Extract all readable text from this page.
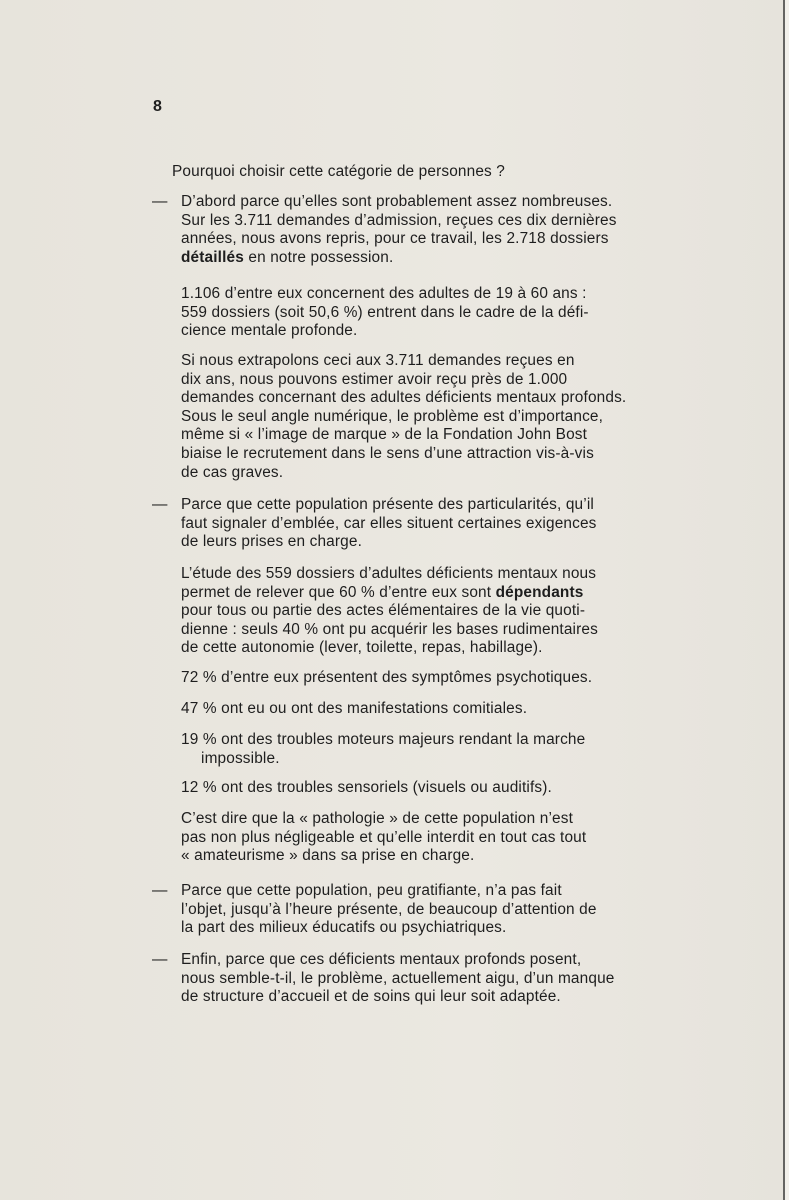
8
Pourquoi choisir cette catégorie de personnes ?
— D’abord parce qu’elles sont probablement assez nombreuses.
Sur les 3.711 demandes d’admission, reçues ces dix dernières
années, nous avons repris, pour ce travail, les 2.718 dossiers
détaillés en notre possession.
1.106 d’entre eux concernent des adultes de 19 à 60 ans :
559 dossiers (soit 50,6 %) entrent dans le cadre de la défi-
cience mentale profonde.
Si nous extrapolons ceci aux 3.711 demandes reçues en
dix ans, nous pouvons estimer avoir reçu près de 1.000
demandes concernant des adultes déficients mentaux profonds.
Sous le seul angle numérique, le problème est d’importance,
même si « l’image de marque » de la Fondation John Bost
biaise le recrutement dans le sens d’une attraction vis-à-vis
de cas graves.
— Parce que cette population présente des particularités, qu’il
faut signaler d’emblée, car elles situent certaines exigences
de leurs prises en charge.
L’étude des 559 dossiers d’adultes déficients mentaux nous
permet de relever que 60 % d’entre eux sont dépendants
pour tous ou partie des actes élémentaires de la vie quoti-
dienne : seuls 40 % ont pu acquérir les bases rudimentaires
de cette autonomie (lever, toilette, repas, habillage).
72 % d’entre eux présentent des symptômes psychotiques.
47 % ont eu ou ont des manifestations comitiales.
19 % ont des troubles moteurs majeurs rendant la marche
impossible.
12 % ont des troubles sensoriels (visuels ou auditifs).
C’est dire que la « pathologie » de cette population n’est
pas non plus négligeable et qu’elle interdit en tout cas tout
« amateurisme » dans sa prise en charge.
— Parce que cette population, peu gratifiante, n’a pas fait
l’objet, jusqu’à l’heure présente, de beaucoup d’attention de
la part des milieux éducatifs ou psychiatriques.
— Enfin, parce que ces déficients mentaux profonds posent,
nous semble-t-il, le problème, actuellement aigu, d’un manque
de structure d’accueil et de soins qui leur soit adaptée.
